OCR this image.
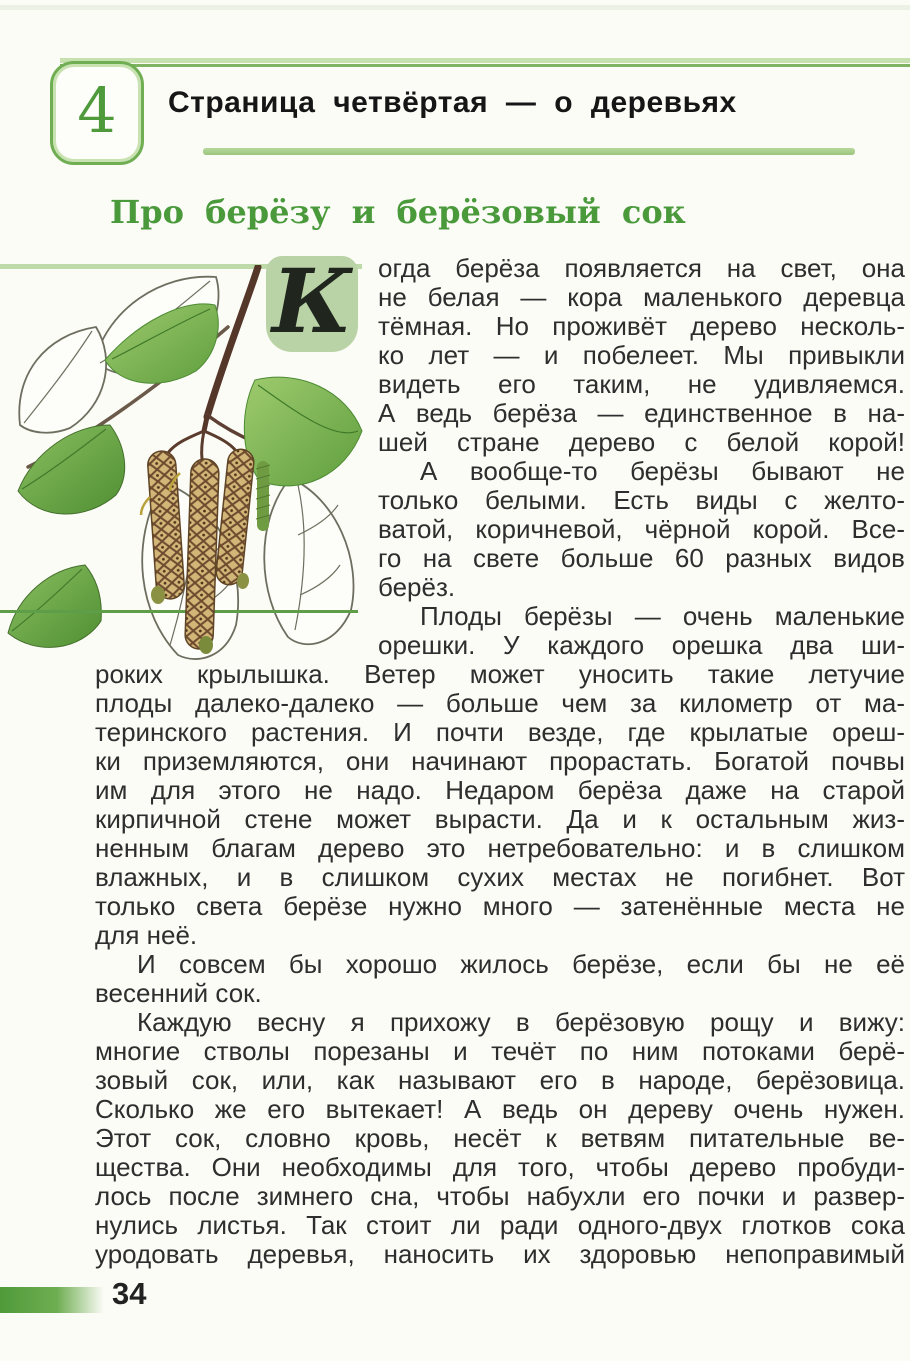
4 Страница четвёртая — о деревьях
Про берёзу и берёзовый сок
К огда берёза появляется на свет, она
не белая — кора маленького деревца
тёмная. Но проживёт дерево несколь-
ко лет — и побелеет. Мы привыкли
видеть его таким, не удивляемся.
А ведь берёза — единственное в на-
шей стране дерево с белой корой!
А вообще-то берёзы бывают не
только белыми. Есть виды с желто-
ватой, коричневой, чёрной корой. Все-
го на свете больше 60 разных видов
берёз.
Плоды берёзы — очень маленькие
орешки. У каждого орешка два ши-
роких крылышка. Ветер может уносить такие летучие
плоды далеко-далеко — больше чем за километр от ма-
теринского растения. И почти везде, где крылатые ореш-
ки приземляются, они начинают прорастать. Богатой почвы
им для этого не надо. Недаром берёза даже на старой
кирпичной стене может вырасти. Да и к остальным жиз-
ненным благам дерево это нетребовательно: и в слишком
влажных, и в слишком сухих местах не погибнет. Вот
только света берёзе нужно много — затенённые места не
для неё.
И совсем бы хорошо жилось берёзе, если бы не её
весенний сок.
Каждую весну я прихожу в берёзовую рощу и вижу:
многие стволы порезаны и течёт по ним потоками берё-
зовый сок, или, как называют его в народе, берёзовица.
Сколько же его вытекает! А ведь он дереву очень нужен.
Этот сок, словно кровь, несёт к ветвям питательные ве-
щества. Они необходимы для того, чтобы дерево пробуди-
лось после зимнего сна, чтобы набухли его почки и развер-
нулись листья. Так стоит ли ради одного-двух глотков сока
уродовать деревья, наносить их здоровью непоправимый
34
